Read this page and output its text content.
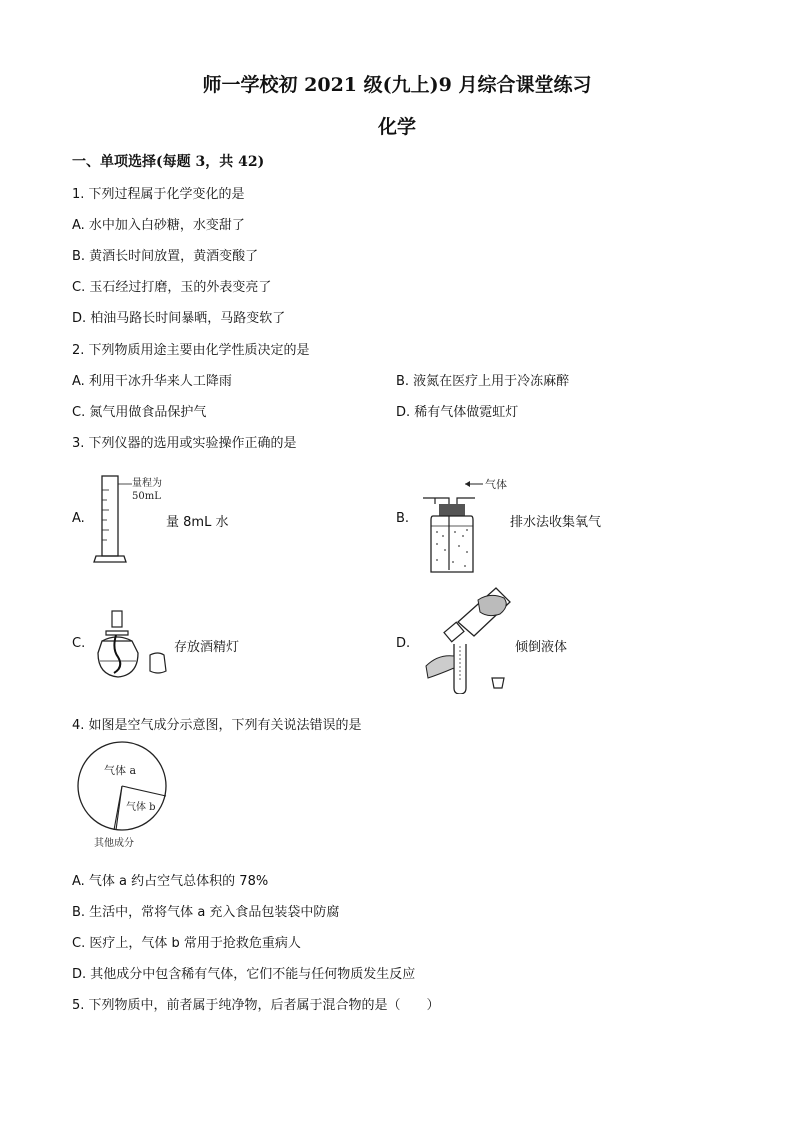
师一学校初 2021 级(九上)9 月综合课堂练习
化学
一、单项选择(每题 3，共 42)
1. 下列过程属于化学变化的是
A. 水中加入白砂糖，水变甜了
B. 黄酒长时间放置，黄酒变酸了
C. 玉石经过打磨，玉的外表变亮了
D. 柏油马路长时间暴晒，马路变软了
2. 下列物质用途主要由化学性质决定的是
A. 利用干冰升华来人工降雨	B. 液氮在医疗上用于冷冻麻醉
C. 氮气用做食品保护气	D. 稀有气体做霓虹灯
3. 下列仪器的选用或实验操作正确的是
A.
量程为
50mL
量 8mL 水	B.
气体
排水法收集氧气
C.	存放酒精灯	D.	倾倒液体
4. 如图是空气成分示意图，下列有关说法错误的是
气体 a
气体 b
其他成分
A. 气体 a 约占空气总体积的 78%
B. 生活中，常将气体 a 充入食品包装袋中防腐
C. 医疗上，气体 b 常用于抢救危重病人
D. 其他成分中包含稀有气体，它们不能与任何物质发生反应
5. 下列物质中，前者属于纯净物，后者属于混合物的是（　　）
